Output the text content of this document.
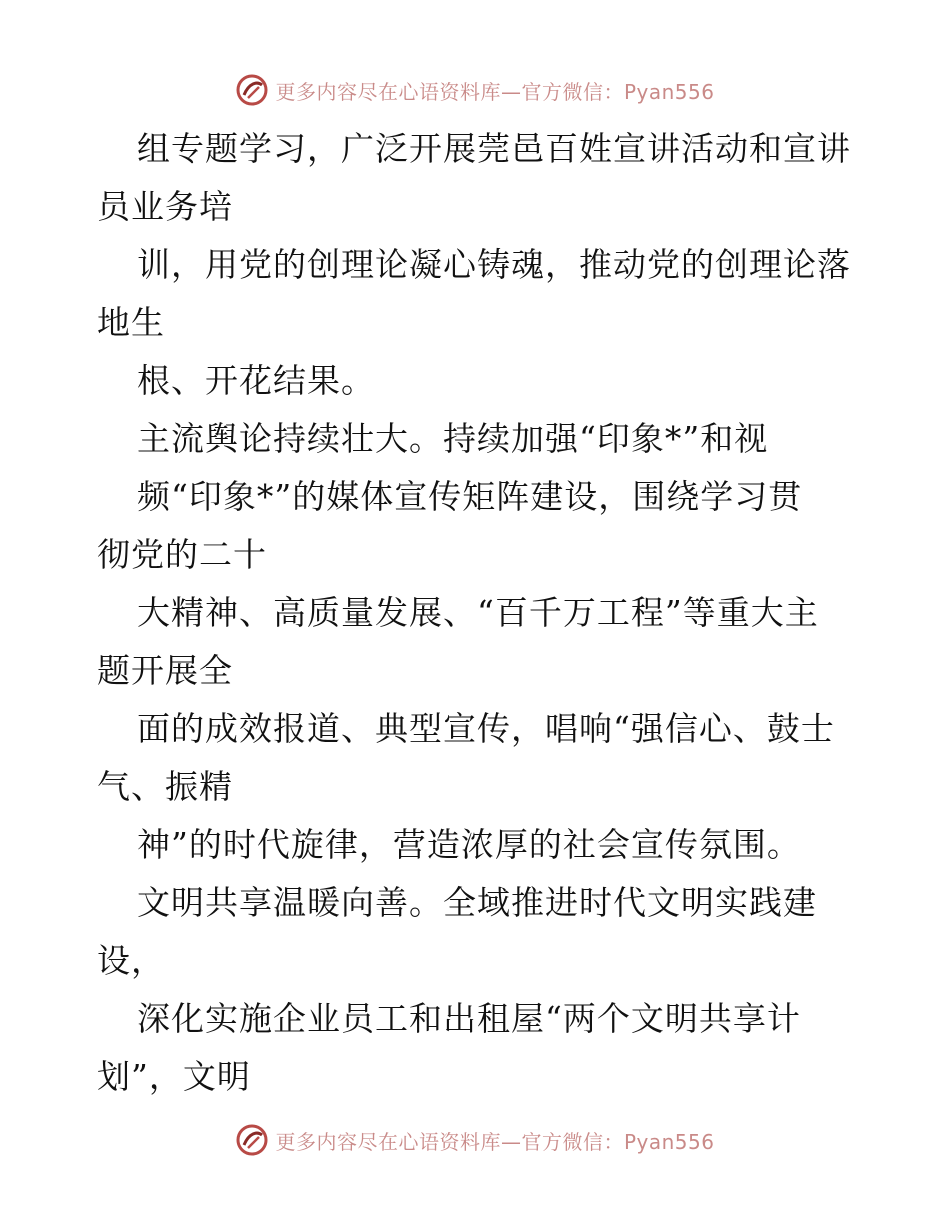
更多内容尽在心语资料库—官方微信：Pyan556
组专题学习，广泛开展莞邑百姓宣讲活动和宣讲
员业务培
训，用党的创理论凝心铸魂，推动党的创理论落
地生
根、开花结果。
主流舆论持续壮大。持续加强“印象*”和视
频“印象*”的媒体宣传矩阵建设，围绕学习贯
彻党的二十
大精神、高质量发展、“百千万工程”等重大主
题开展全
面的成效报道、典型宣传，唱响“强信心、鼓士
气、振精
神”的时代旋律，营造浓厚的社会宣传氛围。
文明共享温暖向善。全域推进时代文明实践建
设，
深化实施企业员工和出租屋“两个文明共享计
划”，文明
更多内容尽在心语资料库—官方微信：Pyan556
